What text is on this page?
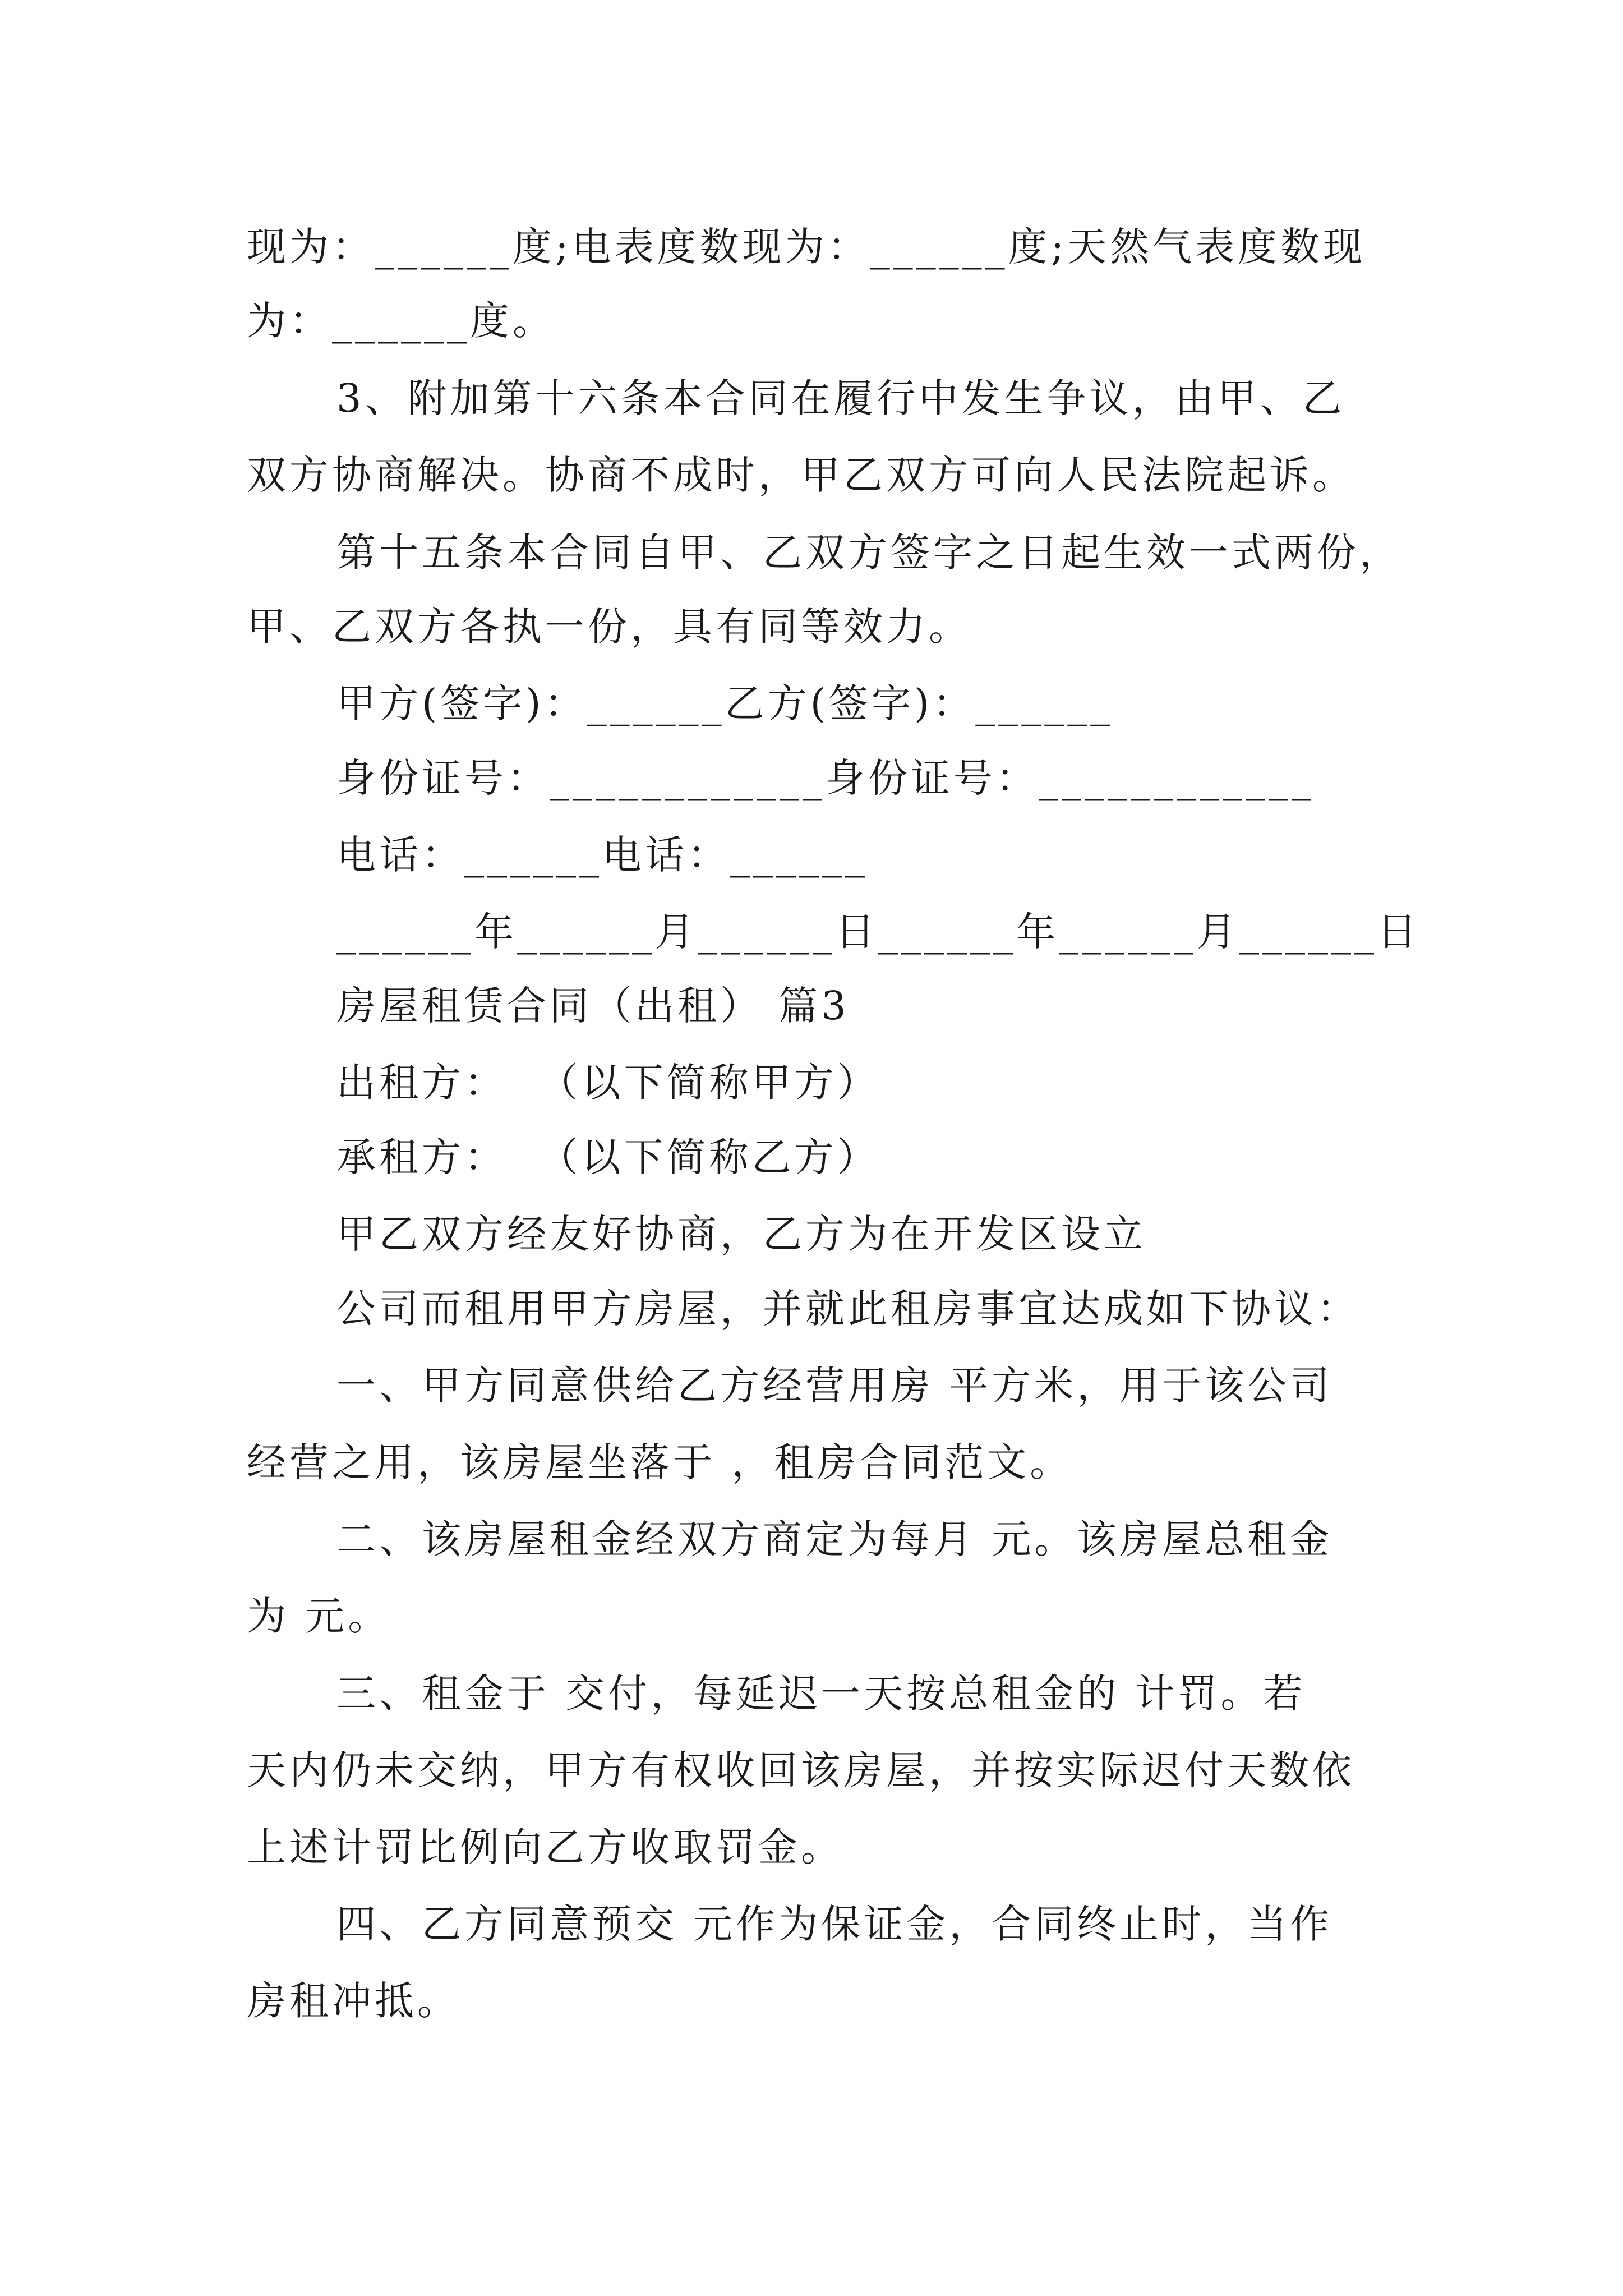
现为：______度;电表度数现为：______度;天然气表度数现
为：______度。
3、附加第十六条本合同在履行中发生争议，由甲、乙
双方协商解决。协商不成时，甲乙双方可向人民法院起诉。
第十五条本合同自甲、乙双方签字之日起生效一式两份，
甲、乙双方各执一份，具有同等效力。
甲方(签字)：______乙方(签字)：______
身份证号：____________身份证号：____________
电话：______电话：______
______年______月______日______年______月______日
房屋租赁合同（出租） 篇3
出租方：  （以下简称甲方）
承租方：  （以下简称乙方）
甲乙双方经友好协商，乙方为在开发区设立
公司而租用甲方房屋，并就此租房事宜达成如下协议：
一、甲方同意供给乙方经营用房 平方米，用于该公司
经营之用，该房屋坐落于 ，租房合同范文。
二、该房屋租金经双方商定为每月 元。该房屋总租金
为 元。
三、租金于 交付，每延迟一天按总租金的 计罚。若
天内仍未交纳，甲方有权收回该房屋，并按实际迟付天数依
上述计罚比例向乙方收取罚金。
四、乙方同意预交 元作为保证金，合同终止时，当作
房租冲抵。
